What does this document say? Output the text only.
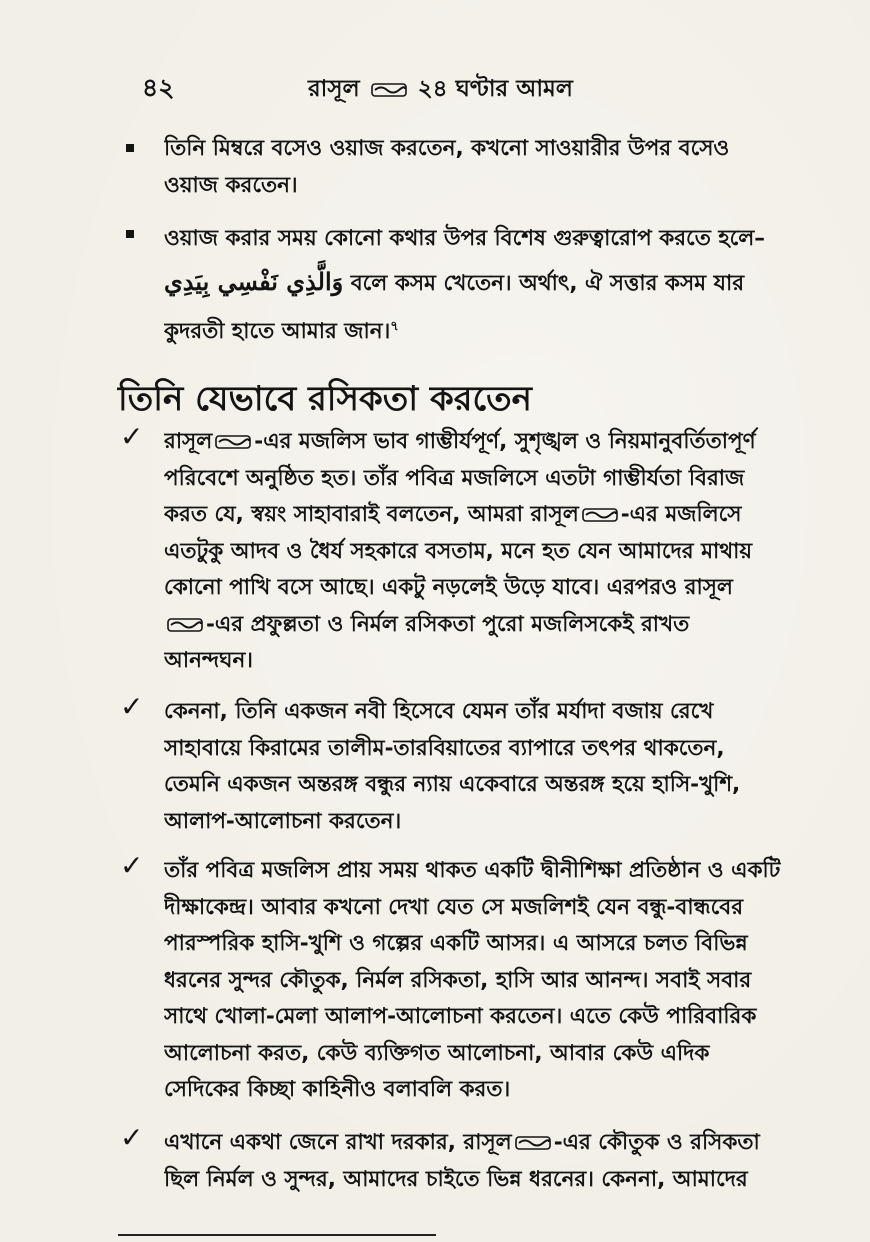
৪২	রাসূল	২৪ ঘণ্টার আমল
তিনি মিম্বরে বসেও ওয়াজ করতেন, কখনো সাওয়ারীর উপর বসেও
ওয়াজ করতেন।
ওয়াজ করার সময় কোনো কথার উপর বিশেষ গুরুত্বারোপ করতে হলে–
وَالَّذِي نَفْسِي بِيَدِي বলে কসম খেতেন। অর্থাৎ, ঐ সত্তার কসম যার
কুদরতী হাতে আমার জান।$^৭$
তিনি যেভাবে রসিকতা করতেন
✓ রাসূল -এর মজলিস ভাব গাম্ভীর্যপূর্ণ, সুশৃঙ্খল ও নিয়মানুবর্তিতাপূর্ণ
পরিবেশে অনুষ্ঠিত হত। তাঁর পবিত্র মজলিসে এতটা গাম্ভীর্যতা বিরাজ
করত যে, স্বয়ং সাহাবারাই বলতেন, আমরা রাসূল -এর মজলিসে
এতটুকু আদব ও ধৈর্য সহকারে বসতাম, মনে হত যেন আমাদের মাথায়
কোনো পাখি বসে আছে। একটু নড়লেই উড়ে যাবে। এরপরও রাসূল
-এর প্রফুল্লতা ও নির্মল রসিকতা পুরো মজলিসকেই রাখত
আনন্দঘন।
✓ কেননা, তিনি একজন নবী হিসেবে যেমন তাঁর মর্যাদা বজায় রেখে
সাহাবায়ে কিরামের তালীম-তারবিয়াতের ব্যাপারে তৎপর থাকতেন,
তেমনি একজন অন্তরঙ্গ বন্ধুর ন্যায় একেবারে অন্তরঙ্গ হয়ে হাসি-খুশি,
আলাপ-আলোচনা করতেন।
✓ তাঁর পবিত্র মজলিস প্রায় সময় থাকত একটি দ্বীনীশিক্ষা প্রতিষ্ঠান ও একটি
দীক্ষাকেন্দ্র। আবার কখনো দেখা যেত সে মজলিশই যেন বন্ধু-বান্ধবের
পারস্পরিক হাসি-খুশি ও গল্পের একটি আসর। এ আসরে চলত বিভিন্ন
ধরনের সুন্দর কৌতুক, নির্মল রসিকতা, হাসি আর আনন্দ। সবাই সবার
সাথে খোলা-মেলা আলাপ-আলোচনা করতেন। এতে কেউ পারিবারিক
আলোচনা করত, কেউ ব্যক্তিগত আলোচনা, আবার কেউ এদিক
সেদিকের কিচ্ছা কাহিনীও বলাবলি করত।
✓ এখানে একথা জেনে রাখা দরকার, রাসূল -এর কৌতুক ও রসিকতা
ছিল নির্মল ও সুন্দর, আমাদের চাইতে ভিন্ন ধরনের। কেননা, আমাদের
